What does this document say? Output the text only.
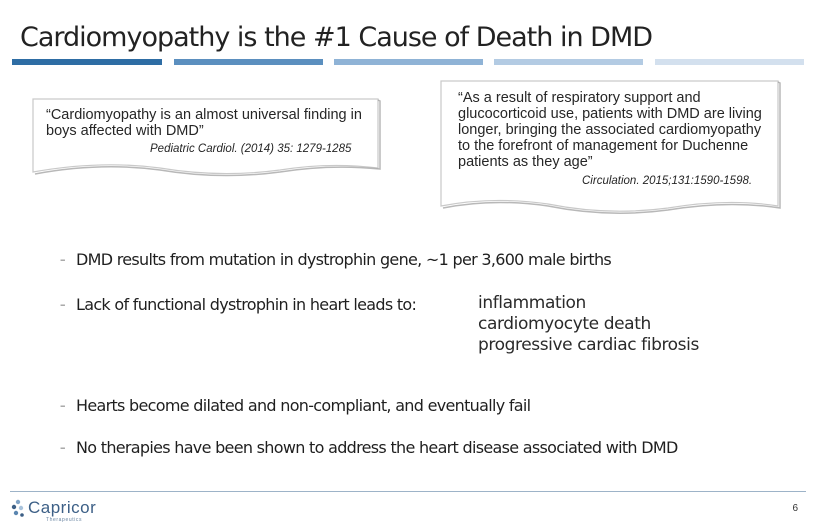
Cardiomyopathy is the #1 Cause of Death in DMD
“Cardiomyopathy is an almost universal finding in boys affected with DMD”
Pediatric Cardiol. (2014) 35: 1279-1285
“As a result of respiratory support and glucocorticoid use, patients with DMD are living longer, bringing the associated cardiomyopathy to the forefront of management for Duchenne patients as they age”
Circulation. 2015;131:1590-1598.
– DMD results from mutation in dystrophin gene, ~1 per 3,600 male births
– Lack of functional dystrophin in heart leads to:	inflammation
cardiomyocyte death
progressive cardiac fibrosis
– Hearts become dilated and non-compliant, and eventually fail
– No therapies have been shown to address the heart disease associated with DMD
Capricor
Therapeutics
6
